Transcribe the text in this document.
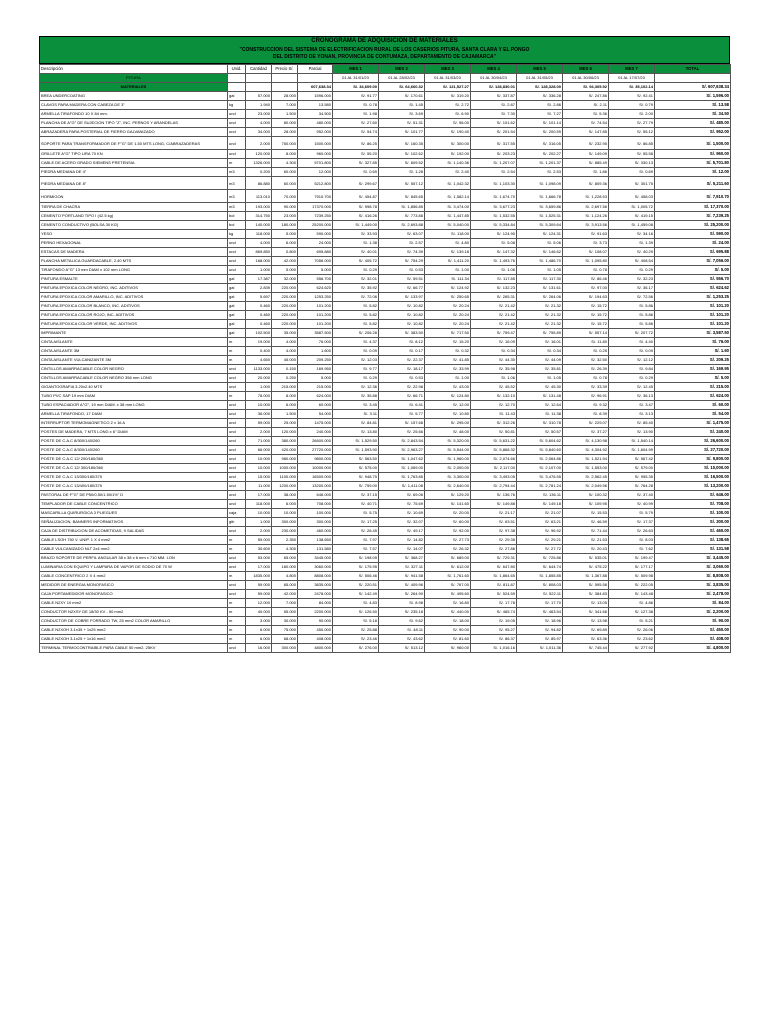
CRONOGRAMA DE ADQUISICIÓN DE MATERIALES
"CONSTRUCCION DEL SISTEMA DE ELECTRIFICACION RURAL DE LOS CASERIOS PITURA, SANTA CLARA Y EL PONGO
DEL DISTRITO DE YONAN, PROVINCIA DE CONTUMAZA, DEPARTAMENTO DE CAJAMARCA"
Descripción	Unid.	Cantidad	Precio S/.	Parcial	MES 1	MES 2	MES 3	MES 4	MES 5	MES 6	MES 7	TOTAL
PITURA					01 AL 31/01/23	01 AL 28/02/23	01 AL 31/03/23	01 AL 30/04/23	01 AL 31/05/23	01 AL 30/06/23	01 AL 17/07/23	
MATERIALES				607,638.34	S/. 34,609.00	S/. 64,660.32	S/. 121,527.27	S/. 128,830.01	S/. 128,328.00	S/. 94,305.92	S/. 35,102.14	S/. 607,638.34
BREA UNDERCOATING	gal	57.000	28.000	1596.000	S/. 91.77	S/. 170.61	S/. 319.20	S/. 337.87	S/. 336.28	S/. 247.86	S/. 92.41	S/. 1,596.00
CLAVOS PARA MADERA CON CABEZA DE 3"	kg	1.940	7.000	13.580	S/. 0.78	S/. 1.45	S/. 2.72	S/. 2.87	S/. 2.86	S/. 2.11	S/. 0.79	S/. 13.58
ARMELLA TIRAFONDO 10 X 84 mm.	und	23.000	1.500	34.500	S/. 1.98	S/. 3.69	S/. 6.90	S/. 7.30	S/. 7.27	S/. 5.36	S/. 2.00	S/. 34.50
PLANCHA DE A°G° DE SUJECION TIPO "Z", INC. PERNOS Y ARANDELAS	und	4.000	80.000	480.000	S/. 27.60	S/. 51.31	S/. 96.00	S/. 101.62	S/. 101.14	S/. 74.54	S/. 27.79	S/. 480.00
ABRAZADERA PARA POSTERIAL DE FIERRO GALVANIZADO	und	34.000	28.000	952.000	S/. 54.74	S/. 101.77	S/. 190.40	S/. 201.54	S/. 200.59	S/. 147.85	S/. 55.12	S/. 952.00
SOPORTE PARA TRANSFORMADOR DE F°G° DE 1.50 MTS LONG, C/ABRAZADERAS	und	2.000	750.000	1500.000	S/. 86.25	S/. 160.35	S/. 300.00	S/. 317.55	S/. 316.05	S/. 232.95	S/. 86.85	S/. 1,500.00
GRILLETE A°G° TIPO LIRA 70 KN	und	120.000	8.000	960.000	S/. 55.20	S/. 102.62	S/. 192.00	S/. 203.23	S/. 202.27	S/. 149.09	S/. 55.58	S/. 960.00
CABLE DE ACERO GRADO SIEMENS PRETENSIA	m	1326.000	4.300	5701.800	S/. 327.85	S/. 609.52	S/. 1,140.36	S/. 1,207.07	S/. 1,201.37	S/. 885.49	S/. 330.13	S/. 5,701.80
PIEDRA MEDIANA DE 4"	m3	0.200	60.000	12.000	S/. 0.69	S/. 1.28	S/. 2.40	S/. 2.54	S/. 2.53	S/. 1.86	S/. 0.69	S/. 12.00
PIEDRA MEDIANA DE 8"	m3	86.880	60.000	5212.800	S/. 299.67	S/. 557.12	S/. 1,042.32	S/. 1,103.30	S/. 1,098.09	S/. 809.36	S/. 301.75	S/. 5,211.60
HORMIGON	m3	113.010	70.000	7910.700	S/. 454.87	S/. 845.65	S/. 1,582.14	S/. 1,674.70	S/. 1,666.78	S/. 1,228.53	S/. 458.03	S/. 7,910.70
TIERRA DE CHACRA	m3	193.000	90.000	17370.000	S/. 998.78	S/. 1,856.85	S/. 3,474.00	S/. 3,677.23	S/. 3,659.86	S/. 2,697.56	S/. 1,005.72	S/. 17,370.00
CEMENTO PORTLAND TIPO I (42.5 kg)	bol	314.750	23.000	7239.250	S/. 416.26	S/. 773.88	S/. 1,447.85	S/. 1,532.55	S/. 1,525.31	S/. 1,124.26	S/. 419.15	S/. 7,239.25
CEMENTO CONDUCTIVO (BOLSA 30 KG)	bol	140.000	180.000	25200.000	S/. 1,449.00	S/. 2,693.88	S/. 5,040.00	S/. 5,334.84	S/. 5,309.64	S/. 3,913.56	S/. 1,459.08	S/. 25,200.00
YESO	kg	118.000	5.000	590.000	S/. 33.93	S/. 63.07	S/. 118.00	S/. 124.90	S/. 124.31	S/. 91.63	S/. 34.16	S/. 590.00
PERNO HEXAGONAL	und	4.000	6.000	24.000	S/. 1.38	S/. 2.57	S/. 4.80	S/. 5.08	S/. 5.06	S/. 3.73	S/. 1.39	S/. 24.00
ESTACAS DE MADERA	und	869.850	0.800	695.880	S/. 40.01	S/. 74.39	S/. 139.18	S/. 147.32	S/. 146.62	S/. 108.07	S/. 40.29	S/. 695.88
PLANCHA METALICA GUARDACABLE, 2.40 MTS	und	168.000	42.000	7056.000	S/. 405.72	S/. 754.29	S/. 1,411.20	S/. 1,493.76	S/. 1,486.70	S/. 1,095.80	S/. 408.54	S/. 7,056.00
TIRAFONDO A°G° 13 mm DIAM x 102 mm LONG	und	1.000	5.000	5.000	S/. 0.29	S/. 0.53	S/. 1.00	S/. 1.06	S/. 1.05	S/. 0.78	S/. 0.29	S/. 5.00
PINTURA ESMALTE	gal	17.387	32.000	556.700	S/. 32.01	S/. 59.51	S/. 111.34	S/. 117.85	S/. 117.30	S/. 86.46	S/. 32.23	S/. 556.70
PINTURA EPOXICA COLOR NEGRO, INC. ADITIVOS	gal	2.839	220.000	624.620	S/. 35.92	S/. 66.77	S/. 124.92	S/. 132.23	S/. 131.61	S/. 97.00	S/. 36.17	S/. 624.62
PINTURA EPOXICA COLOR AMARILLO, INC. ADITIVOS	gal	5.697	220.000	1253.250	S/. 72.06	S/. 133.97	S/. 250.65	S/. 265.31	S/. 264.06	S/. 194.63	S/. 72.56	S/. 1,253.25
PINTURA EPOXICA COLOR BLANCO, INC. ADITIVOS	gal	0.460	220.000	101.200	S/. 5.82	S/. 10.82	S/. 20.24	S/. 21.42	S/. 21.32	S/. 15.72	S/. 5.86	S/. 101.20
PINTURA EPOXICA COLOR ROJO, INC. ADITIVOS	gal	0.460	220.000	101.200	S/. 5.82	S/. 10.82	S/. 20.24	S/. 21.42	S/. 21.32	S/. 15.72	S/. 5.86	S/. 101.20
PINTURA EPOXICA COLOR VERDE, INC. ADITIVOS	gal	0.460	220.000	101.200	S/. 5.82	S/. 10.82	S/. 20.24	S/. 21.42	S/. 21.32	S/. 15.72	S/. 5.86	S/. 101.20
IMPRIMANTE	gal	102.500	35.000	3587.500	S/. 206.28	S/. 383.50	S/. 717.50	S/. 759.47	S/. 755.89	S/. 557.14	S/. 207.72	S/. 3,587.50
CINTA AISLANTE	m	19.000	4.000	76.000	S/. 4.37	S/. 8.12	S/. 15.20	S/. 16.09	S/. 16.01	S/. 11.80	S/. 4.40	S/. 76.00
CINTA AISLANTE 3M	m	0.400	4.000	1.600	S/. 0.09	S/. 0.17	S/. 0.32	S/. 0.34	S/. 0.34	S/. 0.25	S/. 0.09	S/. 1.60
CINTA AISLANTE VULCANIZANTE 3M	m	4.650	45.000	209.250	S/. 12.03	S/. 22.37	S/. 41.85	S/. 44.30	S/. 44.09	S/. 32.50	S/. 12.12	S/. 209.25
CINTILLOS AMARRACABLE COLOR NEGRO	und	1133.000	0.150	169.950	S/. 9.77	S/. 18.17	S/. 33.99	S/. 35.98	S/. 35.81	S/. 26.39	S/. 9.84	S/. 169.95
CINTILLOS AMARRACABLE COLOR NEGRO 356 mm LONG	und	20.000	0.250	5.000	S/. 0.29	S/. 0.53	S/. 1.00	S/. 1.06	S/. 1.05	S/. 0.78	S/. 0.29	S/. 5.00
GIGANTOGRAFIA 3.20x2.40 MTS	und	1.000	215.000	215.000	S/. 12.36	S/. 22.98	S/. 43.00	S/. 45.52	S/. 45.30	S/. 33.39	S/. 12.45	S/. 215.00
TUBO PVC SAP 19 mm DIAM	m	78.000	8.000	624.000	S/. 35.88	S/. 66.71	S/. 124.80	S/. 132.10	S/. 131.48	S/. 96.91	S/. 36.13	S/. 624.00
TUBO ESPACIADOR A°G°, 19 mm DIAM. x 38 mm LONG	und	10.000	6.000	60.000	S/. 3.45	S/. 6.41	S/. 12.00	S/. 12.70	S/. 12.64	S/. 9.32	S/. 3.47	S/. 60.00
ARMELLA TIRAFONDO, 17 DIAM	und	36.000	1.500	54.000	S/. 3.11	S/. 5.77	S/. 10.80	S/. 11.43	S/. 11.38	S/. 8.39	S/. 3.13	S/. 54.00
INTERRUPTOR TERMOMAGNETICO 2 x 16 A	und	59.000	25.000	1475.000	S/. 84.81	S/. 157.68	S/. 295.00	S/. 312.26	S/. 310.78	S/. 229.07	S/. 85.40	S/. 1,475.00
POSTES DE MADERA, 7 MTS LONG x 6" DIAM	und	2.000	120.000	240.000	S/. 13.80	S/. 25.66	S/. 48.00	S/. 50.81	S/. 50.57	S/. 37.27	S/. 13.90	S/. 240.00
POSTE DE C.A.C 8/300/140/260	und	71.000	380.000	26600.000	S/. 1,529.50	S/. 2,843.54	S/. 5,320.00	S/. 5,631.22	S/. 5,604.62	S/. 4,130.98	S/. 1,540.14	S/. 26,600.00
POSTE DE C.A.C 8/300/140/260	und	66.000	420.000	27720.000	S/. 1,593.90	S/. 2,963.27	S/. 5,544.00	S/. 5,868.32	S/. 5,840.60	S/. 4,304.92	S/. 1,604.99	S/. 27,720.00
POSTE DE C.A.C 12/ 200/180/360	und	10.000	980.000	9800.000	S/. 563.50	S/. 1,047.62	S/. 1,960.00	S/. 2,074.66	S/. 2,064.86	S/. 1,521.94	S/. 567.42	S/. 9,800.00
POSTE DE C.A.C 12/ 300/180/360	und	10.000	1000.000	10000.000	S/. 575.00	S/. 1,069.00	S/. 2,000.00	S/. 2,117.00	S/. 2,107.00	S/. 1,553.00	S/. 579.00	S/. 10,000.00
POSTE DE C.A.C 13/300/180/375	und	15.000	1100.000	16500.000	S/. 948.75	S/. 1,763.85	S/. 3,300.00	S/. 3,493.05	S/. 3,476.55	S/. 2,562.45	S/. 955.35	S/. 16,500.00
POSTE DE C.A.C 13/400/180/375	und	11.000	1200.000	13200.000	S/. 759.00	S/. 1,411.08	S/. 2,640.00	S/. 2,794.44	S/. 2,781.24	S/. 2,049.96	S/. 764.28	S/. 13,200.00
PASTORAL DE F°G° DE P50/0.50/1.50/1½" D	und	17.000	38.000	646.000	S/. 37.15	S/. 69.06	S/. 129.20	S/. 136.76	S/. 136.11	S/. 100.32	S/. 37.40	S/. 646.00
TEMPLADOR DE CABLE CONCENTRICO	und	118.000	6.000	708.000	S/. 40.71	S/. 75.69	S/. 141.60	S/. 149.88	S/. 149.18	S/. 109.95	S/. 40.99	S/. 708.00
MASCARILLA QUIRURGICA 3 PLIEGUES	caja	10.000	10.000	100.000	S/. 5.75	S/. 10.69	S/. 20.00	S/. 21.17	S/. 21.07	S/. 15.53	S/. 5.79	S/. 100.00
SEÑALIZACION, BANNERS INFORMATIVOS	glb	1.000	300.000	300.000	S/. 17.25	S/. 32.07	S/. 60.00	S/. 63.51	S/. 63.21	S/. 46.59	S/. 17.37	S/. 300.00
CAJA DE DISTRIBUCION DE ACOMETIDAS, 9 SALIDAS	und	2.000	230.000	460.000	S/. 26.45	S/. 49.17	S/. 92.00	S/. 97.38	S/. 96.92	S/. 71.44	S/. 26.63	S/. 460.00
CABLE LSOH 750 V. UNIP. 1 X 4 mm2	m	59.000	2.350	138.650	S/. 7.97	S/. 14.82	S/. 27.73	S/. 29.35	S/. 29.21	S/. 21.53	S/. 8.03	S/. 138.65
CABLE VULCANIZADO NLT 2x4 mm2	m	30.600	4.300	131.580	S/. 7.57	S/. 14.07	S/. 26.32	S/. 27.86	S/. 27.72	S/. 20.43	S/. 7.62	S/. 131.58
BRAZO SOPORTE DE PERFIL ANGULAR 38 x 38 x 6 mm x 710 MM. LON	und	53.000	65.000	3445.000	S/. 198.09	S/. 368.27	S/. 689.00	S/. 729.31	S/. 725.86	S/. 535.01	S/. 199.47	S/. 3,445.00
LUMINARIA CON EQUIPO Y LAMPARA DE VAPOR DE SODIO DE 70 W	und	17.000	180.000	3060.000	S/. 175.95	S/. 327.11	S/. 612.00	S/. 647.80	S/. 644.74	S/. 475.22	S/. 177.17	S/. 3,060.00
CABLE CONCENTRICO 2 X 4 mm2	m	1835.000	4.800	8808.000	S/. 506.46	S/. 941.58	S/. 1,761.60	S/. 1,864.65	S/. 1,855.85	S/. 1,367.88	S/. 509.98	S/. 8,808.00
MEDIDOR DE ENERGIA MONOFASICO	und	59.000	65.000	3835.000	S/. 220.51	S/. 409.96	S/. 767.00	S/. 811.87	S/. 808.03	S/. 595.58	S/. 222.05	S/. 3,835.00
CAJA PORTAMEDIDOR MONOFASICO	und	59.000	42.000	2478.000	S/. 142.49	S/. 264.90	S/. 495.60	S/. 524.59	S/. 522.11	S/. 384.83	S/. 143.48	S/. 2,478.00
CABLE N2XY 10 mm2	m	12.000	7.000	84.000	S/. 4.83	S/. 8.98	S/. 16.80	S/. 17.78	S/. 17.70	S/. 13.05	S/. 4.86	S/. 84.00
CONDUCTOR N2XSY DE 18/30 KV - 50 mm2	m	40.000	55.000	2200.000	S/. 126.50	S/. 235.18	S/. 440.00	S/. 465.74	S/. 463.54	S/. 341.66	S/. 127.38	S/. 2,200.00
CONDUCTOR DE COBRE FORRADO TW, 25 mm2 COLOR AMARILLO	m	3.000	30.000	90.000	S/. 5.18	S/. 9.62	S/. 18.00	S/. 19.05	S/. 18.96	S/. 13.98	S/. 5.21	S/. 90.00
CABLE N2XOH 3-1x35 + 1x25 mm2	m	6.000	75.000	450.000	S/. 25.88	S/. 48.11	S/. 90.00	S/. 95.27	S/. 94.82	S/. 69.89	S/. 26.06	S/. 450.00
CABLE N2XOH 3-1x25 + 1x16 mm2	m	6.000	68.000	408.000	S/. 23.46	S/. 43.62	S/. 81.60	S/. 86.37	S/. 85.97	S/. 63.36	S/. 23.62	S/. 408.00
TERMINAL TERMOCONTRAIBLE PARA CABLE 50 mm2, 25KV	und	16.000	300.000	4800.000	S/. 276.00	S/. 513.12	S/. 960.00	S/. 1,016.16	S/. 1,011.36	S/. 745.44	S/. 277.92	S/. 4,800.00
